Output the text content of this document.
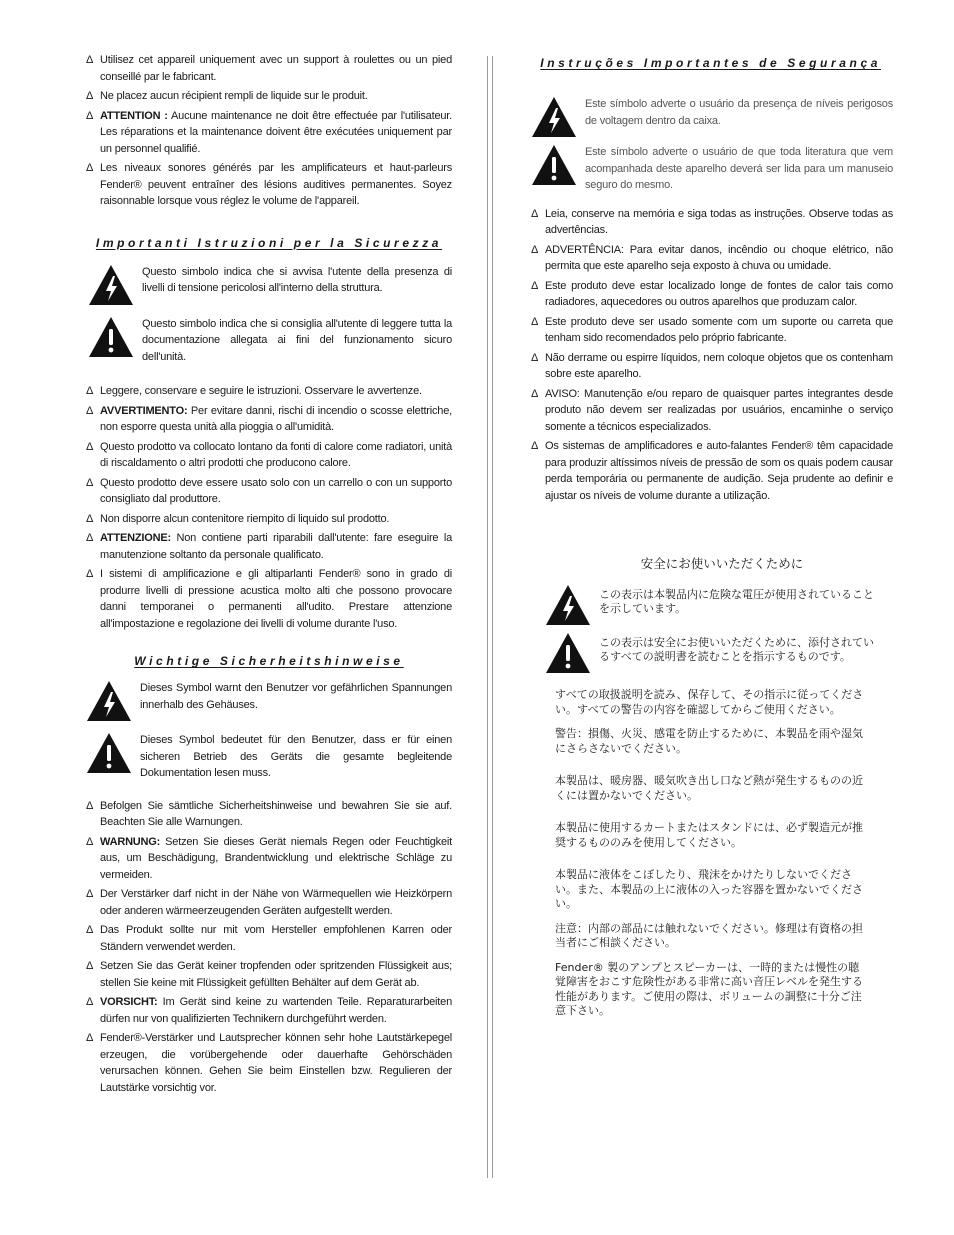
Δ Utilisez cet appareil uniquement avec un support à roulettes ou un pied conseillé par le fabricant.
Δ Ne placez aucun récipient rempli de liquide sur le produit.
Δ ATTENTION : Aucune maintenance ne doit être effectuée par l'utilisateur. Les réparations et la maintenance doivent être exécutées uniquement par un personnel qualifié.
Δ Les niveaux sonores générés par les amplificateurs et haut-parleurs Fender® peuvent entraîner des lésions auditives permanentes. Soyez raisonnable lorsque vous réglez le volume de l'appareil.
Importanti Istruzioni per la Sicurezza
Questo simbolo indica che si avvisa l'utente della presenza di livelli di tensione pericolosi all'interno della struttura.
Questo simbolo indica che si consiglia all'utente di leggere tutta la documentazione allegata ai fini del funzionamento sicuro dell'unità.
Δ Leggere, conservare e seguire le istruzioni. Osservare le avvertenze.
Δ AVVERTIMENTO: Per evitare danni, rischi di incendio o scosse elettriche, non esporre questa unità alla pioggia o all'umidità.
Δ Questo prodotto va collocato lontano da fonti di calore come radiatori, unità di riscaldamento o altri prodotti che producono calore.
Δ Questo prodotto deve essere usato solo con un carrello o con un supporto consigliato dal produttore.
Δ Non disporre alcun contenitore riempito di liquido sul prodotto.
Δ ATTENZIONE: Non contiene parti riparabili dall'utente: fare eseguire la manutenzione soltanto da personale qualificato.
Δ I sistemi di amplificazione e gli altiparlanti Fender® sono in grado di produrre livelli di pressione acustica molto alti che possono provocare danni temporanei o permanenti all'udito. Prestare attenzione all'impostazione e regolazione dei livelli di volume durante l'uso.
Wichtige Sicherheitshinweise
Dieses Symbol warnt den Benutzer vor gefährlichen Spannungen innerhalb des Gehäuses.
Dieses Symbol bedeutet für den Benutzer, dass er für einen sicheren Betrieb des Geräts die gesamte begleitende Dokumentation lesen muss.
Δ Befolgen Sie sämtliche Sicherheitshinweise und bewahren Sie sie auf. Beachten Sie alle Warnungen.
Δ WARNUNG: Setzen Sie dieses Gerät niemals Regen oder Feuchtigkeit aus, um Beschädigung, Brandentwicklung und elektrische Schläge zu vermeiden.
Δ Der Verstärker darf nicht in der Nähe von Wärmequellen wie Heizkörpern oder anderen wärmeerzeugenden Geräten aufgestellt werden.
Δ Das Produkt sollte nur mit vom Hersteller empfohlenen Karren oder Ständern verwendet werden.
Δ Setzen Sie das Gerät keiner tropfenden oder spritzenden Flüssigkeit aus; stellen Sie keine mit Flüssigkeit gefüllten Behälter auf dem Gerät ab.
Δ VORSICHT: Im Gerät sind keine zu wartenden Teile. Reparaturarbeiten dürfen nur von qualifizierten Technikern durchgeführt werden.
Δ Fender®-Verstärker und Lautsprecher können sehr hohe Lautstärkepegel erzeugen, die vorübergehende oder dauerhafte Gehörschäden verursachen können. Gehen Sie beim Einstellen bzw. Regulieren der Lautstärke vorsichtig vor.
Instruções Importantes de Segurança
Este símbolo adverte o usuário da presença de níveis perigosos de voltagem dentro da caixa.
Este símbolo adverte o usuário de que toda literatura que vem acompanhada deste aparelho deverá ser lida para um manuseio seguro do mesmo.
Δ Leia, conserve na memória e siga todas as instruções. Observe todas as advertências.
Δ ADVERTÊNCIA: Para evitar danos, incêndio ou choque elétrico, não permita que este aparelho seja exposto à chuva ou umidade.
Δ Este produto deve estar localizado longe de fontes de calor tais como radiadores, aquecedores ou outros aparelhos que produzam calor.
Δ Este produto deve ser usado somente com um suporte ou carreta que tenham sido recomendados pelo próprio fabricante.
Δ Não derrame ou espirre líquidos, nem coloque objetos que os contenham sobre este aparelho.
Δ AVISO: Manutenção e/ou reparo de quaisquer partes integrantes desde produto não devem ser realizadas por usuários, encaminhe o serviço somente a técnicos especializados.
Δ Os sistemas de amplificadores e auto-falantes Fender® têm capacidade para produzir altíssimos níveis de pressão de som os quais podem causar perda temporária ou permanente de audição. Seja prudente ao definir e ajustar os níveis de volume durante a utilização.
安全にお使いいただくために
この表示は本製品内に危険な電圧が使用されていることを示しています。
この表示は安全にお使いいただくために、添付されているすべての説明書を読むことを指示するものです。

すべての取扱説明を読み、保存して、その指示に従ってください。すべての警告の内容を確認してからご使用ください。

警告：損傷、火災、感電を防止するために、本製品を雨や湿気にさらさないでください。

本製品は、暖房器、暖気吹き出し口など熱が発生するものの近くには置かないでください。

本製品に使用するカートまたはスタンドには、必ず製造元が推奨するもののみを使用してください。

本製品に液体をこぼしたり、飛沫をかけたりしないでください。また、本製品の上に液体の入った容器を置かないでください。

注意：内部の部品には触れないでください。修理は有資格の担当者にご相談ください。

Fender® 製のアンプとスピーカーは、一時的または慢性の聴覚障害をおこす危険性がある非常に高い音圧レベルを発生する性能があります。ご使用の際は、ボリュームの調整に十分ご注意下さい。
